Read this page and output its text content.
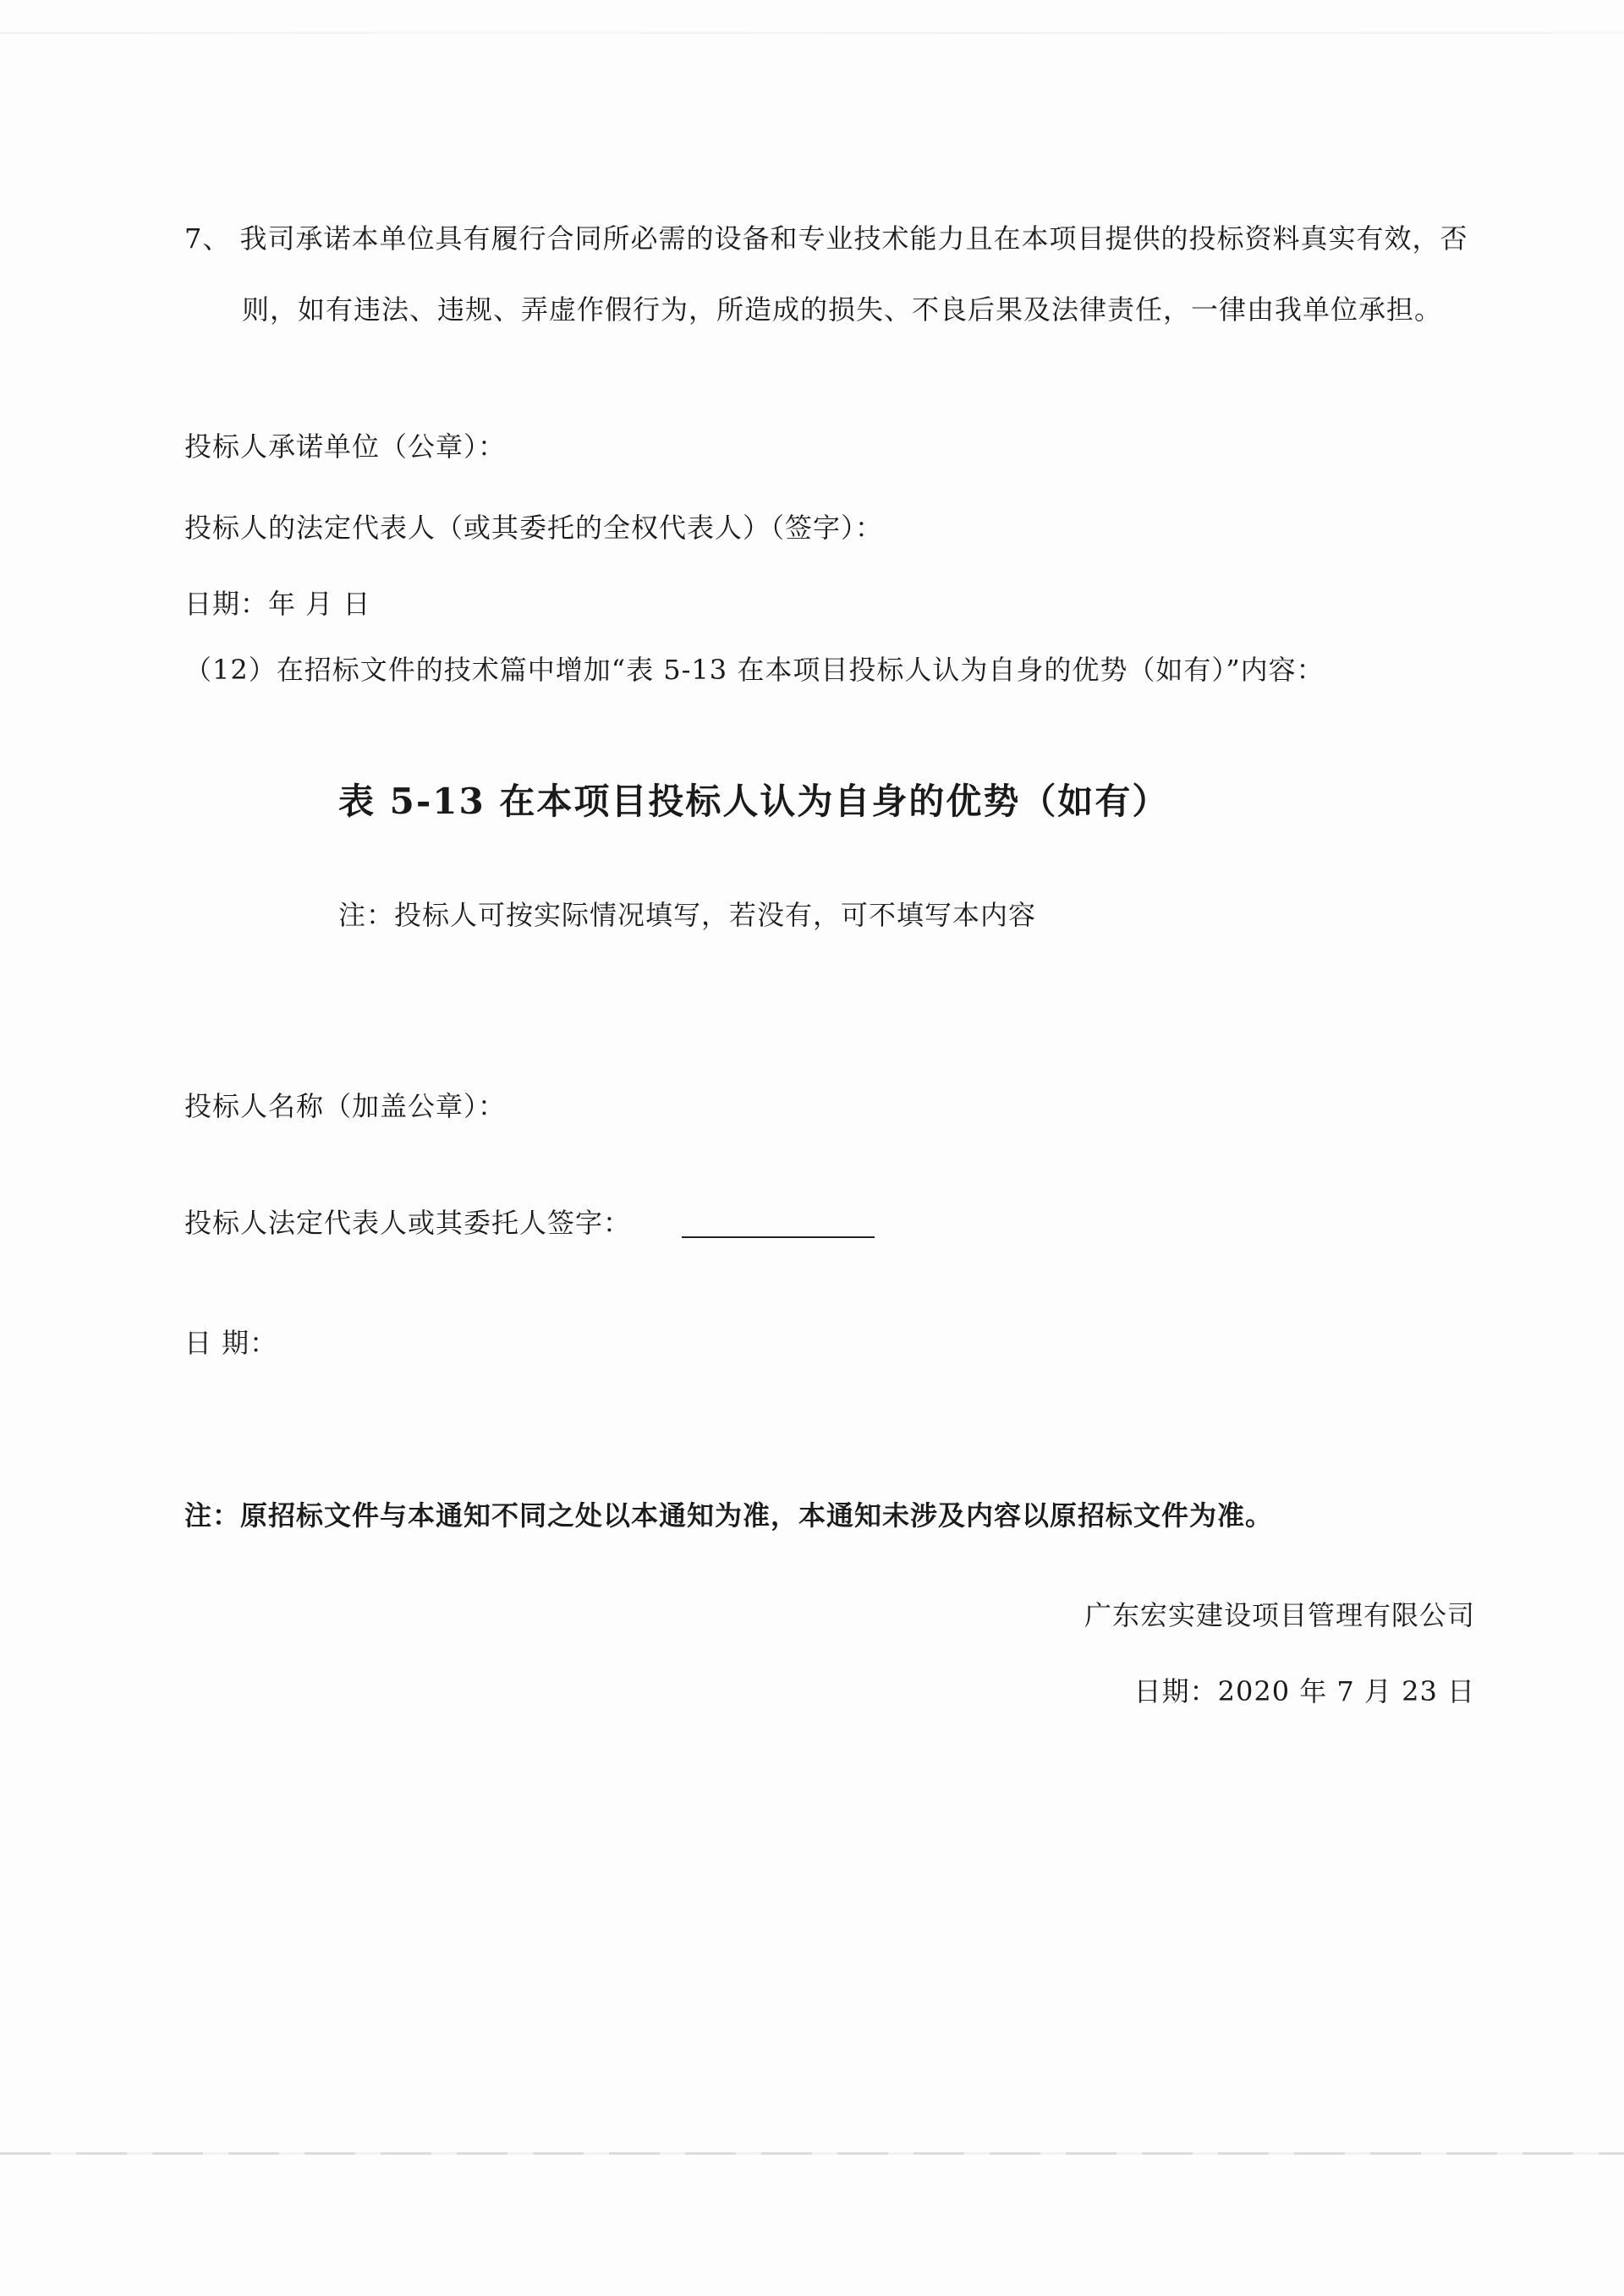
7、 我司承诺本单位具有履行合同所必需的设备和专业技术能力且在本项目提供的投标资料真实有效，否
则，如有违法、违规、弄虚作假行为，所造成的损失、不良后果及法律责任，一律由我单位承担。
投标人承诺单位（公章）：
投标人的法定代表人（或其委托的全权代表人）（签字）：
日期：年 月 日
（12）在招标文件的技术篇中增加“表 5-13 在本项目投标人认为自身的优势（如有）”内容：
表 5-13 在本项目投标人认为自身的优势（如有）
注：投标人可按实际情况填写，若没有，可不填写本内容
投标人名称（加盖公章）：
投标人法定代表人或其委托人签字：
日 期：
注：原招标文件与本通知不同之处以本通知为准，本通知未涉及内容以原招标文件为准。
广东宏实建设项目管理有限公司
日期：2020 年 7 月 23 日
